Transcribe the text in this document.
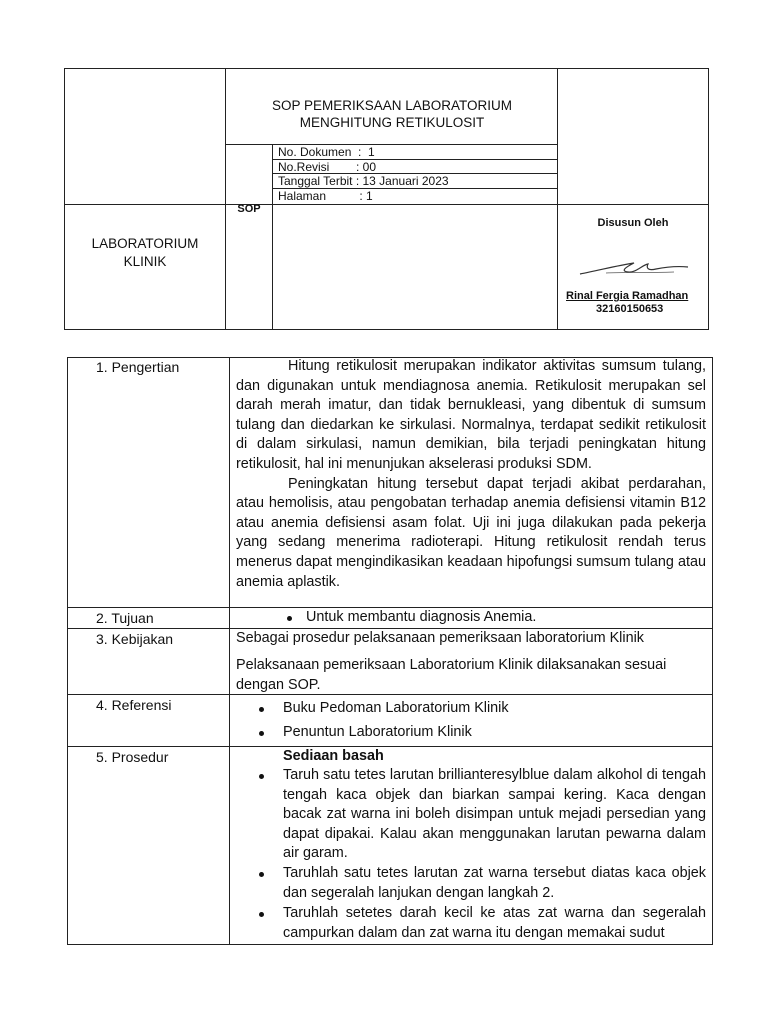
SOP PEMERIKSAAN LABORATORIUM
MENGHITUNG RETIKULOSIT
No. Dokumen  :  1
No.Revisi        : 00
Tanggal Terbit : 13 Januari 2023
Halaman          : 1
SOP
LABORATORIUM
KLINIK
Disusun Oleh
Rinal Fergia Ramadhan
32160150653
1. Pengertian	Hitung retikulosit merupakan indikator aktivitas sumsum tulang, dan digunakan untuk mendiagnosa anemia. Retikulosit merupakan sel darah merah imatur, dan tidak bernukleasi, yang dibentuk di sumsum tulang dan diedarkan ke sirkulasi. Normalnya, terdapat sedikit retikulosit di dalam sirkulasi, namun demikian, bila terjadi peningkatan hitung retikulosit, hal ini menunjukan akselerasi produksi SDM.

Peningkatan hitung tersebut dapat terjadi akibat perdarahan, atau hemolisis, atau pengobatan terhadap anemia defisiensi vitamin B12 atau anemia defisiensi asam folat. Uji ini juga dilakukan pada pekerja yang sedang menerima radioterapi. Hitung retikulosit rendah terus menerus dapat mengindikasikan keadaan hipofungsi sumsum tulang atau anemia aplastik.

2. Tujuan	Untuk membantu diagnosis Anemia.
3. Kebijakan	Sebagai prosedur pelaksanaan pemeriksaan laboratorium Klinik
Pelaksanaan pemeriksaan Laboratorium Klinik dilaksanakan sesuai dengan SOP.
4. Referensi	Buku Pedoman Laboratorium Klinik
Penuntun Laboratorium Klinik
5. Prosedur	Sediaan basah
Taruh satu tetes larutan brillianteresylblue dalam alkohol di tengah tengah kaca objek dan biarkan sampai kering. Kaca dengan bacak zat warna ini boleh disimpan untuk mejadi persedian yang dapat dipakai. Kalau akan menggunakan larutan pewarna dalam air garam.
Taruhlah satu tetes larutan zat warna tersebut diatas kaca objek dan segeralah lanjukan dengan langkah 2.
Taruhlah setetes darah kecil ke atas zat warna dan segeralah campurkan dalam dan zat warna itu dengan memakai sudut
